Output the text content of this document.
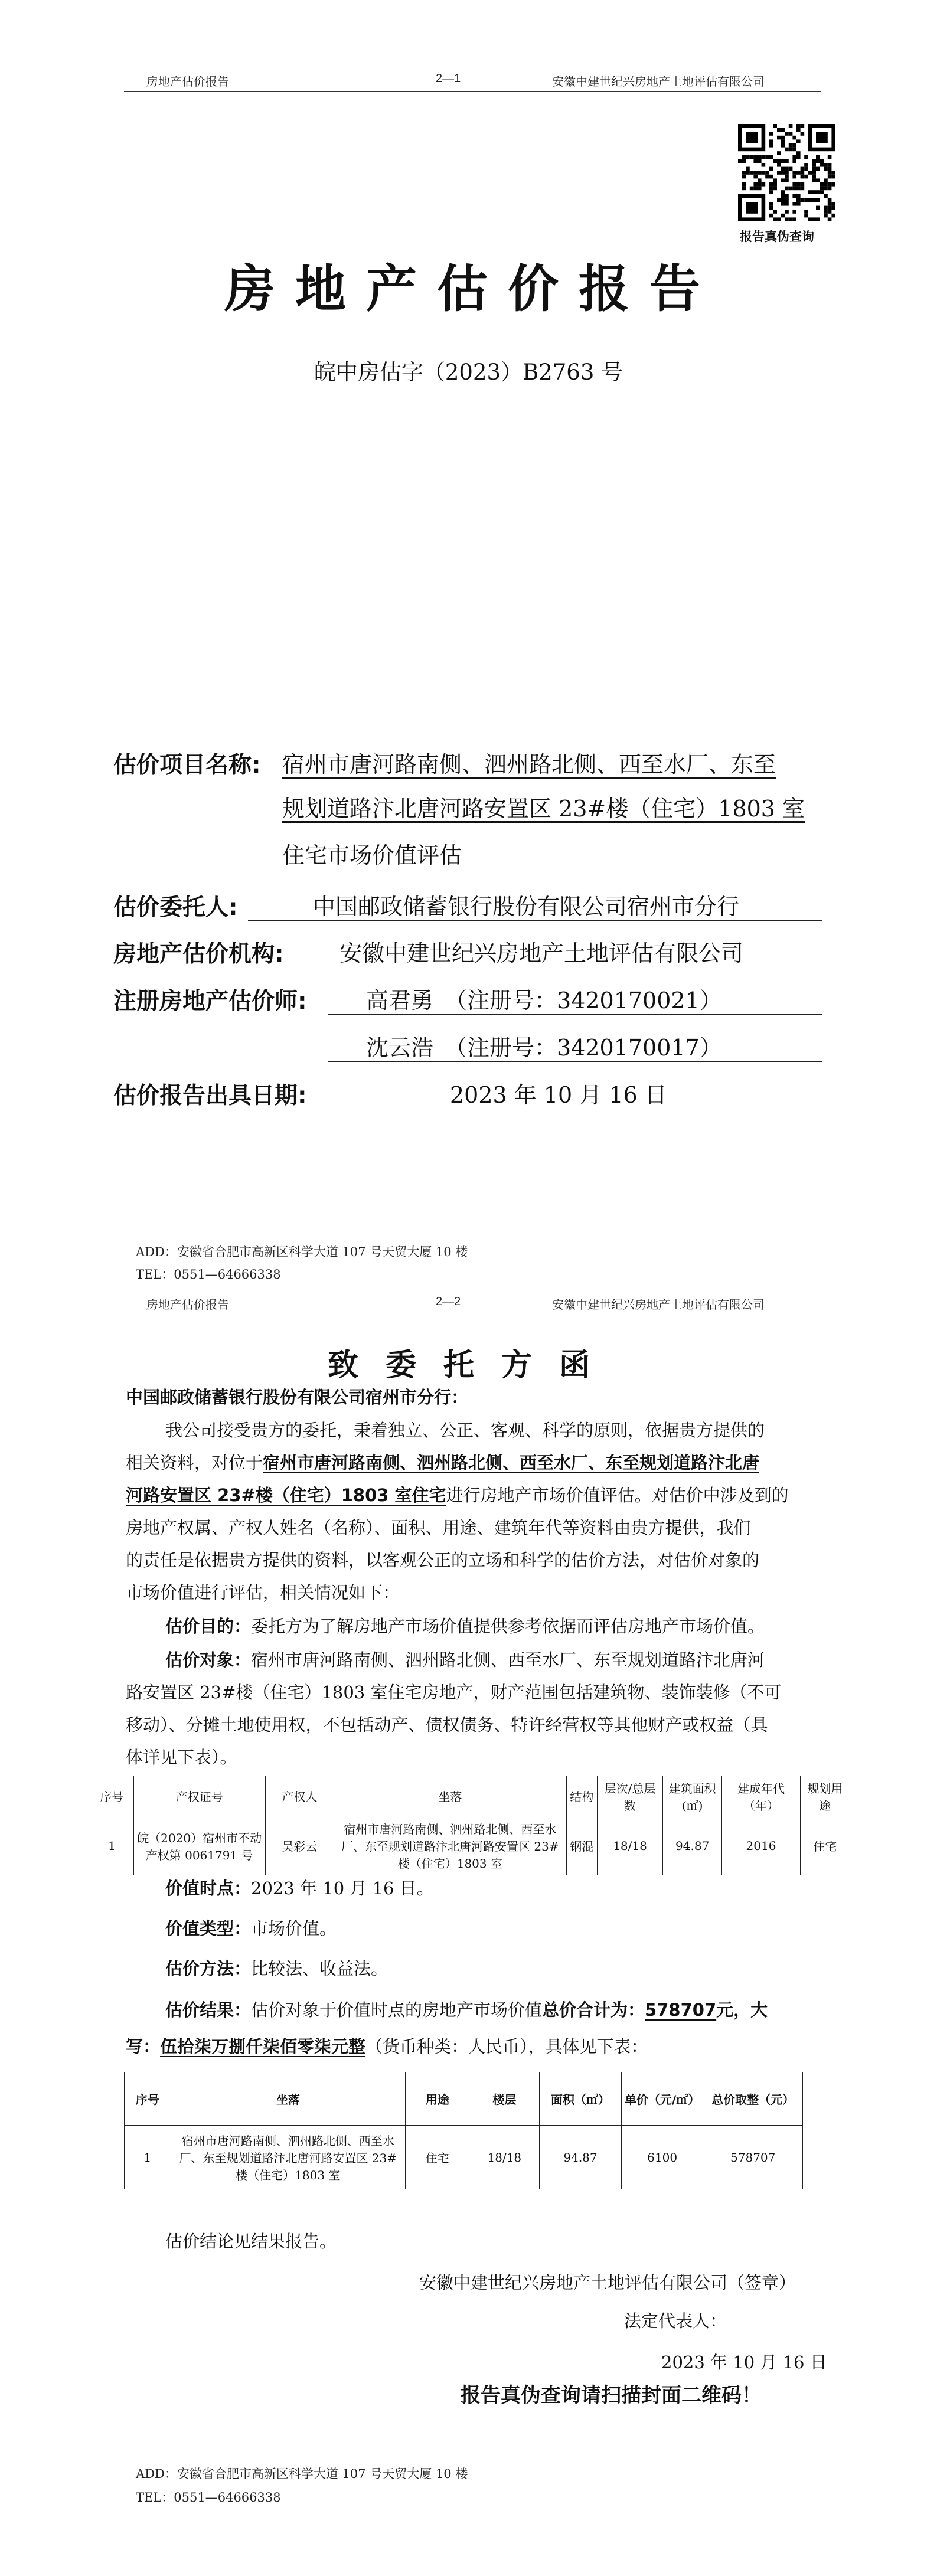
房地产估价报告	2—1	安徽中建世纪兴房地产土地评估有限公司
报告真伪查询
房地产估价报告
皖中房估字（2023）B2763 号
估价项目名称: 宿州市唐河路南侧、泗州路北侧、西至水厂、东至
规划道路汴北唐河路安置区 23#楼（住宅）1803 室
住宅市场价值评估
估价委托人:	中国邮政储蓄银行股份有限公司宿州市分行
房地产估价机构: 安徽中建世纪兴房地产土地评估有限公司
注册房地产估价师:	高君勇　（注册号：3420170021）
沈云浩　（注册号：3420170017）
估价报告出具日期:	2023 年 10 月 16 日
ADD：安徽省合肥市高新区科学大道 107 号天贸大厦 10 楼
TEL：0551—64666338
房地产估价报告	2—2	安徽中建世纪兴房地产土地评估有限公司
致委托方函
中国邮政储蓄银行股份有限公司宿州市分行：
我公司接受贵方的委托，秉着独立、公正、客观、科学的原则，依据贵方提供的
相关资料，对位于宿州市唐河路南侧、泗州路北侧、西至水厂、东至规划道路汴北唐
河路安置区 23#楼（住宅）1803 室住宅进行房地产市场价值评估。对估价中涉及到的
房地产权属、产权人姓名（名称）、面积、用途、建筑年代等资料由贵方提供，我们
的责任是依据贵方提供的资料，以客观公正的立场和科学的估价方法，对估价对象的
市场价值进行评估，相关情况如下：
估价目的：委托方为了解房地产市场价值提供参考依据而评估房地产市场价值。
估价对象：宿州市唐河路南侧、泗州路北侧、西至水厂、东至规划道路汴北唐河
路安置区 23#楼（住宅）1803 室住宅房地产，财产范围包括建筑物、装饰装修（不可
移动）、分摊土地使用权，不包括动产、债权债务、特许经营权等其他财产或权益（具
体详见下表）。
序号	产权证号	产权人	坐落	结构	层次/总层数	建筑面积(㎡)	建成年代（年）	规划用途
1	皖（2020）宿州市不动产权第 0061791 号	吴彩云	宿州市唐河路南侧、泗州路北侧、西至水厂、东至规划道路汴北唐河路安置区 23#楼（住宅）1803 室	钢混	18/18	94.87	2016	住宅
价值时点：2023 年 10 月 16 日。
价值类型：市场价值。
估价方法：比较法、收益法。
估价结果：估价对象于价值时点的房地产市场价值总价合计为：578707元，大
写：伍拾柒万捌仟柒佰零柒元整（货币种类：人民币），具体见下表：
序号	坐落	用途	楼层	面积（㎡）	单价（元/㎡）	总价取整（元）
1	宿州市唐河路南侧、泗州路北侧、西至水厂、东至规划道路汴北唐河路安置区 23#楼（住宅）1803 室	住宅	18/18	94.87	6100	578707
估价结论见结果报告。
安徽中建世纪兴房地产土地评估有限公司（签章）
法定代表人：
2023 年 10 月 16 日
报告真伪查询请扫描封面二维码！
ADD：安徽省合肥市高新区科学大道 107 号天贸大厦 10 楼
TEL：0551—64666338
